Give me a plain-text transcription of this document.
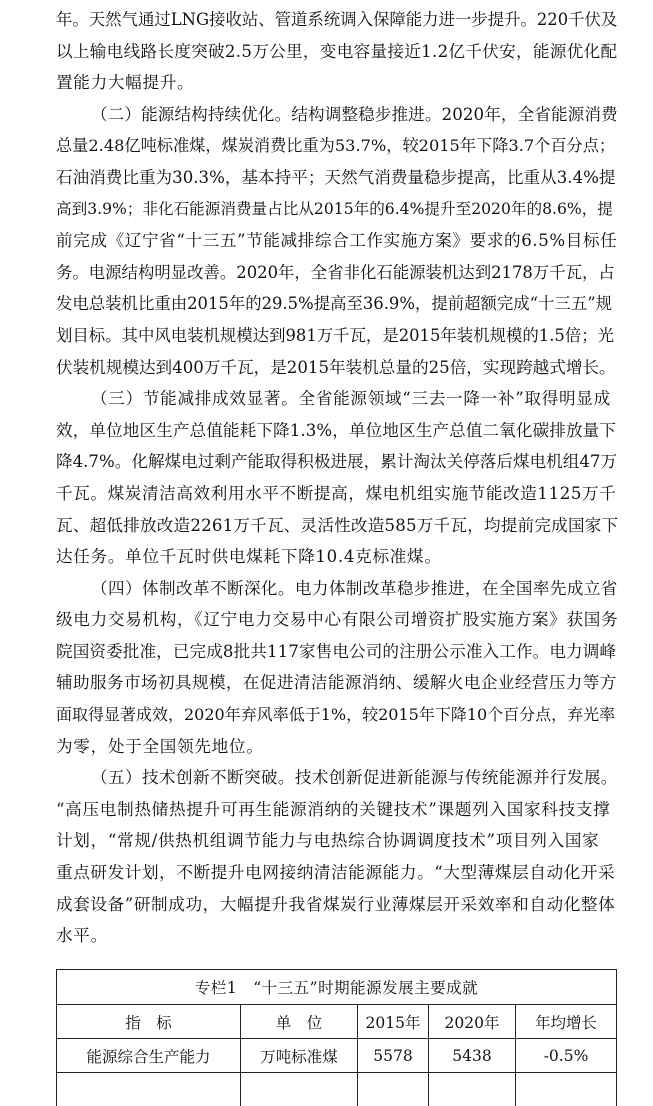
年。天然气通过LNG接收站、管道系统调入保障能力进一步提升。220千伏及

以上输电线路长度突破2.5万公里，变电容量接近1.2亿千伏安，能源优化配

置能力大幅提升。

（二）能源结构持续优化。结构调整稳步推进。2020年，全省能源消费

总量2.48亿吨标准煤，煤炭消费比重为53.7%，较2015年下降3.7个百分点；

石油消费比重为30.3%，基本持平；天然气消费量稳步提高，比重从3.4%提

高到3.9%；非化石能源消费量占比从2015年的6.4%提升至2020年的8.6%，提

前完成《辽宁省“十三五”节能减排综合工作实施方案》要求的6.5%目标任

务。电源结构明显改善。2020年，全省非化石能源装机达到2178万千瓦，占

发电总装机比重由2015年的29.5%提高至36.9%，提前超额完成“十三五”规

划目标。其中风电装机规模达到981万千瓦，是2015年装机规模的1.5倍；光

伏装机规模达到400万千瓦，是2015年装机总量的25倍，实现跨越式增长。

（三）节能减排成效显著。全省能源领域“三去一降一补”取得明显成

效，单位地区生产总值能耗下降1.3%，单位地区生产总值二氧化碳排放量下

降4.7%。化解煤电过剩产能取得积极进展，累计淘汰关停落后煤电机组47万

千瓦。煤炭清洁高效利用水平不断提高，煤电机组实施节能改造1125万千

瓦、超低排放改造2261万千瓦、灵活性改造585万千瓦，均提前完成国家下

达任务。单位千瓦时供电煤耗下降10.4克标准煤。

（四）体制改革不断深化。电力体制改革稳步推进，在全国率先成立省

级电力交易机构，《辽宁电力交易中心有限公司增资扩股实施方案》获国务

院国资委批准，已完成8批共117家售电公司的注册公示准入工作。电力调峰

辅助服务市场初具规模，在促进清洁能源消纳、缓解火电企业经营压力等方

面取得显著成效，2020年弃风率低于1%，较2015年下降10个百分点，弃光率

为零，处于全国领先地位。

（五）技术创新不断突破。技术创新促进新能源与传统能源并行发展。

“高压电制热储热提升可再生能源消纳的关键技术”课题列入国家科技支撑

计划，“常规/供热机组调节能力与电热综合协调调度技术”项目列入国家

重点研发计划，不断提升电网接纳清洁能源能力。“大型薄煤层自动化开采

成套设备”研制成功，大幅提升我省煤炭行业薄煤层开采效率和自动化整体

水平。

专栏1　“十三五”时期能源发展主要成就				
指　标	单　位	2015年	2020年	年均增长
能源综合生产能力	万吨标准煤	5578	5438	-0.5%
